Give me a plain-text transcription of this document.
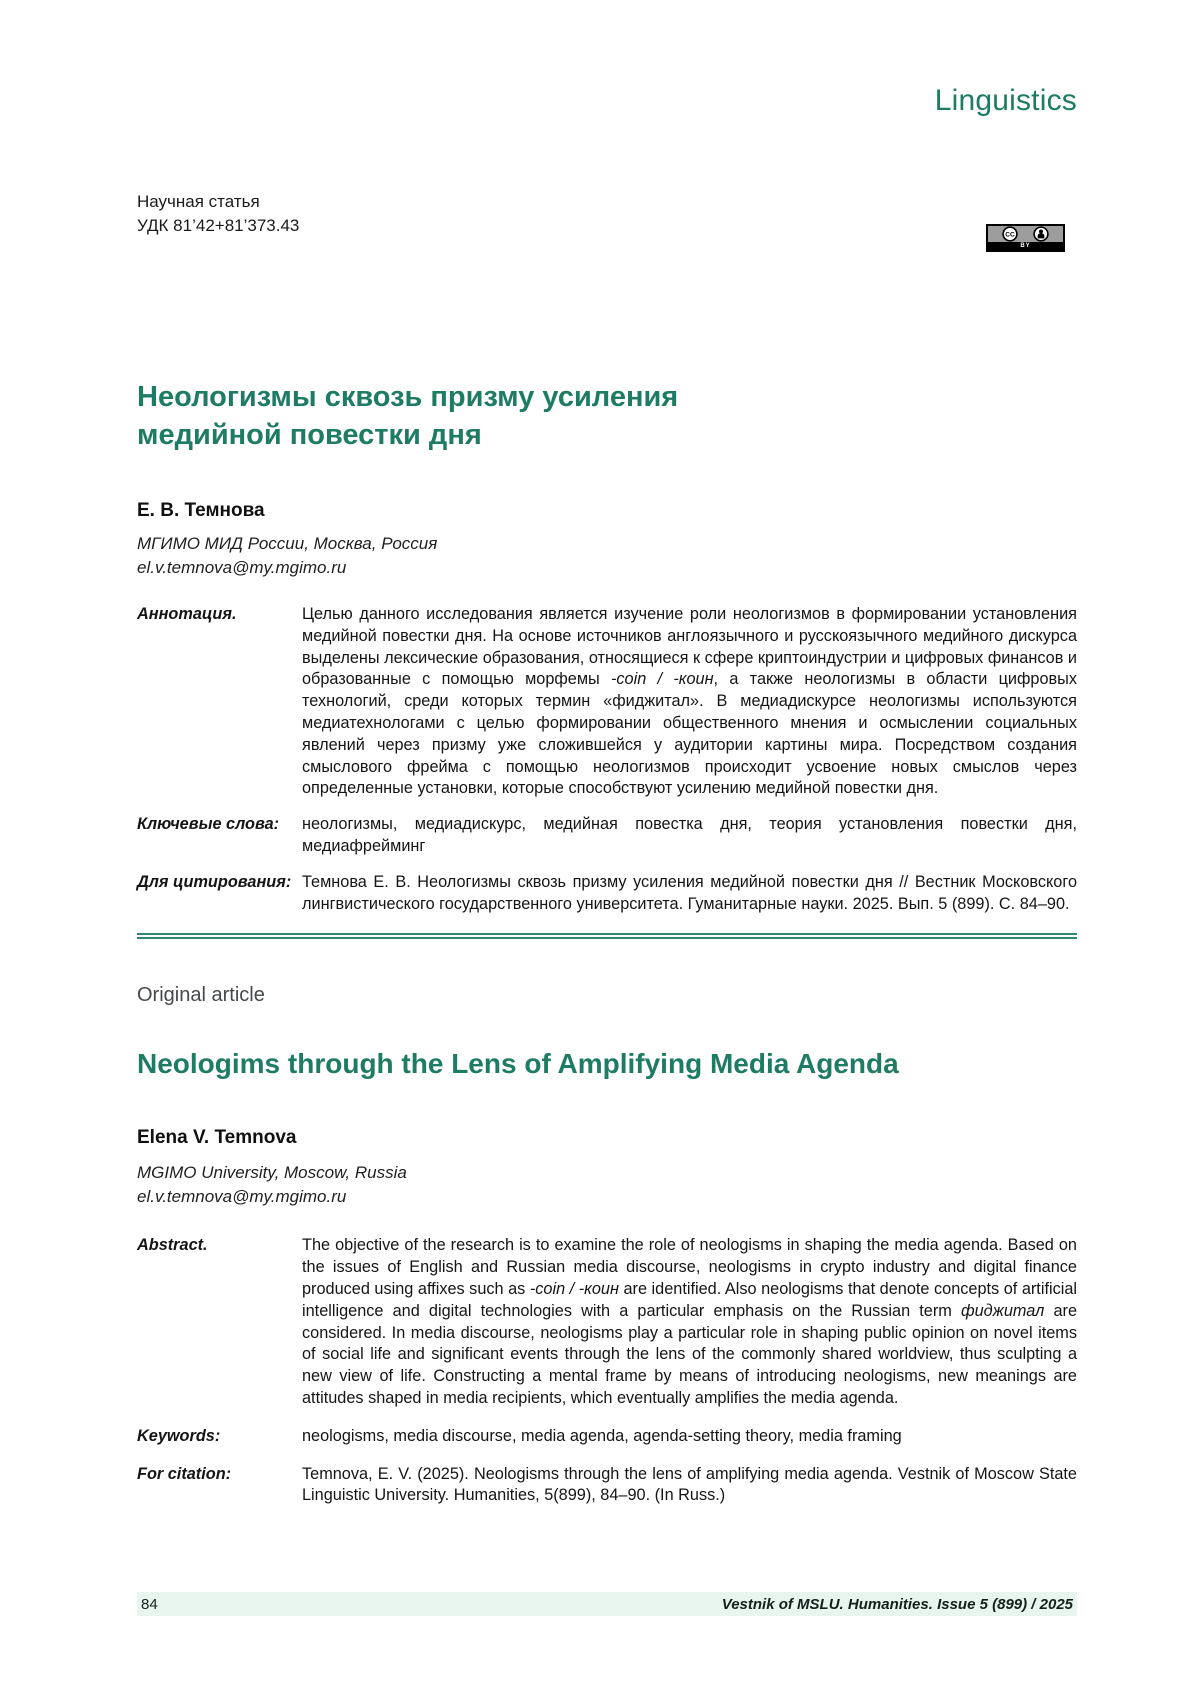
Linguistics
Научная статья
УДК 81’42+81’373.43
CC
BY
Неологизмы сквозь призму усиления
медийной повестки дня
Е. В. Темнова
МГИМО МИД России, Москва, Россия
el.v.temnova@my.mgimo.ru
Аннотация.	Целью данного исследования является изучение роли неологизмов в формировании установления медийной повестки дня. На основе источников англоязычного и русскоязычного медийного дискурса выделены лексические образования, относящиеся к сфере криптоиндустрии и цифровых финансов и образованные с помощью морфемы -coin / -коин, а также неологизмы в области цифровых технологий, среди которых термин «фиджитал». В медиадискурсе неологизмы используются медиатехнологами с целью формировании общественного мнения и осмыслении социальных явлений через призму уже сложившейся у аудитории картины мира. Посредством создания смыслового фрейма с помощью неологизмов происходит усвоение новых смыслов через определенные установки, которые способствуют усилению медийной повестки дня.
Ключевые слова:	неологизмы, медиадискурс, медийная повестка дня, теория установления повестки дня, медиафрейминг
Для цитирования: Темнова Е. В. Неологизмы сквозь призму усиления медийной повестки дня // Вестник Московского лингвистического государственного университета. Гуманитарные науки. 2025. Вып. 5 (899). С. 84–90.
Original article
Neologims through the Lens of Amplifying Media Agenda
Elena V. Temnova
MGIMO University, Moscow, Russia
el.v.temnova@my.mgimo.ru
Abstract.	The objective of the research is to examine the role of neologisms in shaping the media agenda. Based on the issues of English and Russian media discourse, neologisms in crypto industry and digital finance produced using affixes such as -coin / -коин are identified. Also neologisms that denote concepts of artificial intelligence and digital technologies with a particular emphasis on the Russian term фиджитал are considered. In media discourse, neologisms play a particular role in shaping public opinion on novel items of social life and significant events through the lens of the commonly shared worldview, thus sculpting a new view of life. Constructing a mental frame by means of introducing neologisms, new meanings are attitudes shaped in media recipients, which eventually amplifies the media agenda.
Keywords:	neologisms, media discourse, media agenda, agenda-setting theory, media framing
For citation:	Temnova, E. V. (2025). Neologisms through the lens of amplifying media agenda. Vestnik of Moscow State Linguistic University. Humanities, 5(899), 84–90. (In Russ.)
84	Vestnik of MSLU. Humanities. Issue 5 (899) / 2025
